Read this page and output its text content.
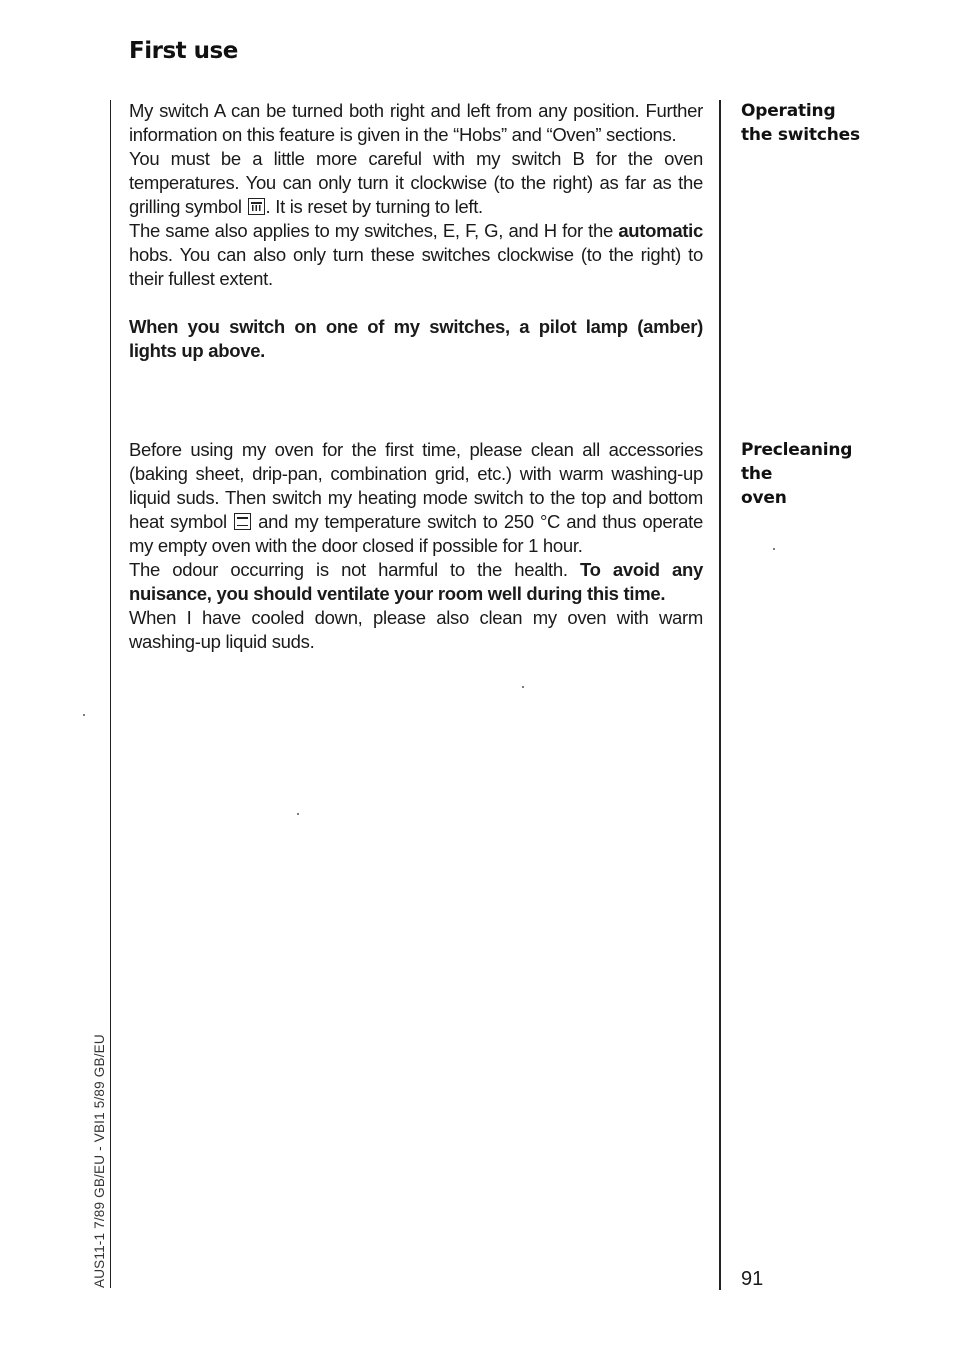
First use

My switch A can be turned both right and left from any position. Further information on this feature is given in the “Hobs” and “Oven” sections.

You must be a little more careful with my switch B for the oven temperatures. You can only turn it clockwise (to the right) as far as the grilling symbol . It is reset by turning to left.

The same also applies to my switches, E, F, G, and H for the automatic hobs. You can also only turn these switches clockwise (to the right) to their fullest extent.

When you switch on one of my switches, a pilot lamp (amber) lights up above.

Operating
the switches

Before using my oven for the first time, please clean all accessories (baking sheet, drip-pan, combination grid, etc.) with warm washing-up liquid suds. Then switch my heating mode switch to the top and bottom heat symbol  and my temperature switch to 250 °C and thus operate my empty oven with the door closed if possible for 1 hour.

The odour occurring is not harmful to the health. To avoid any nuisance, you should ventilate your room well during this time.

When I have cooled down, please also clean my oven with warm washing-up liquid suds.

Precleaning
the
oven
AUS11-1 7/89 GB/EU - VBI1 5/89 GB/EU	91
